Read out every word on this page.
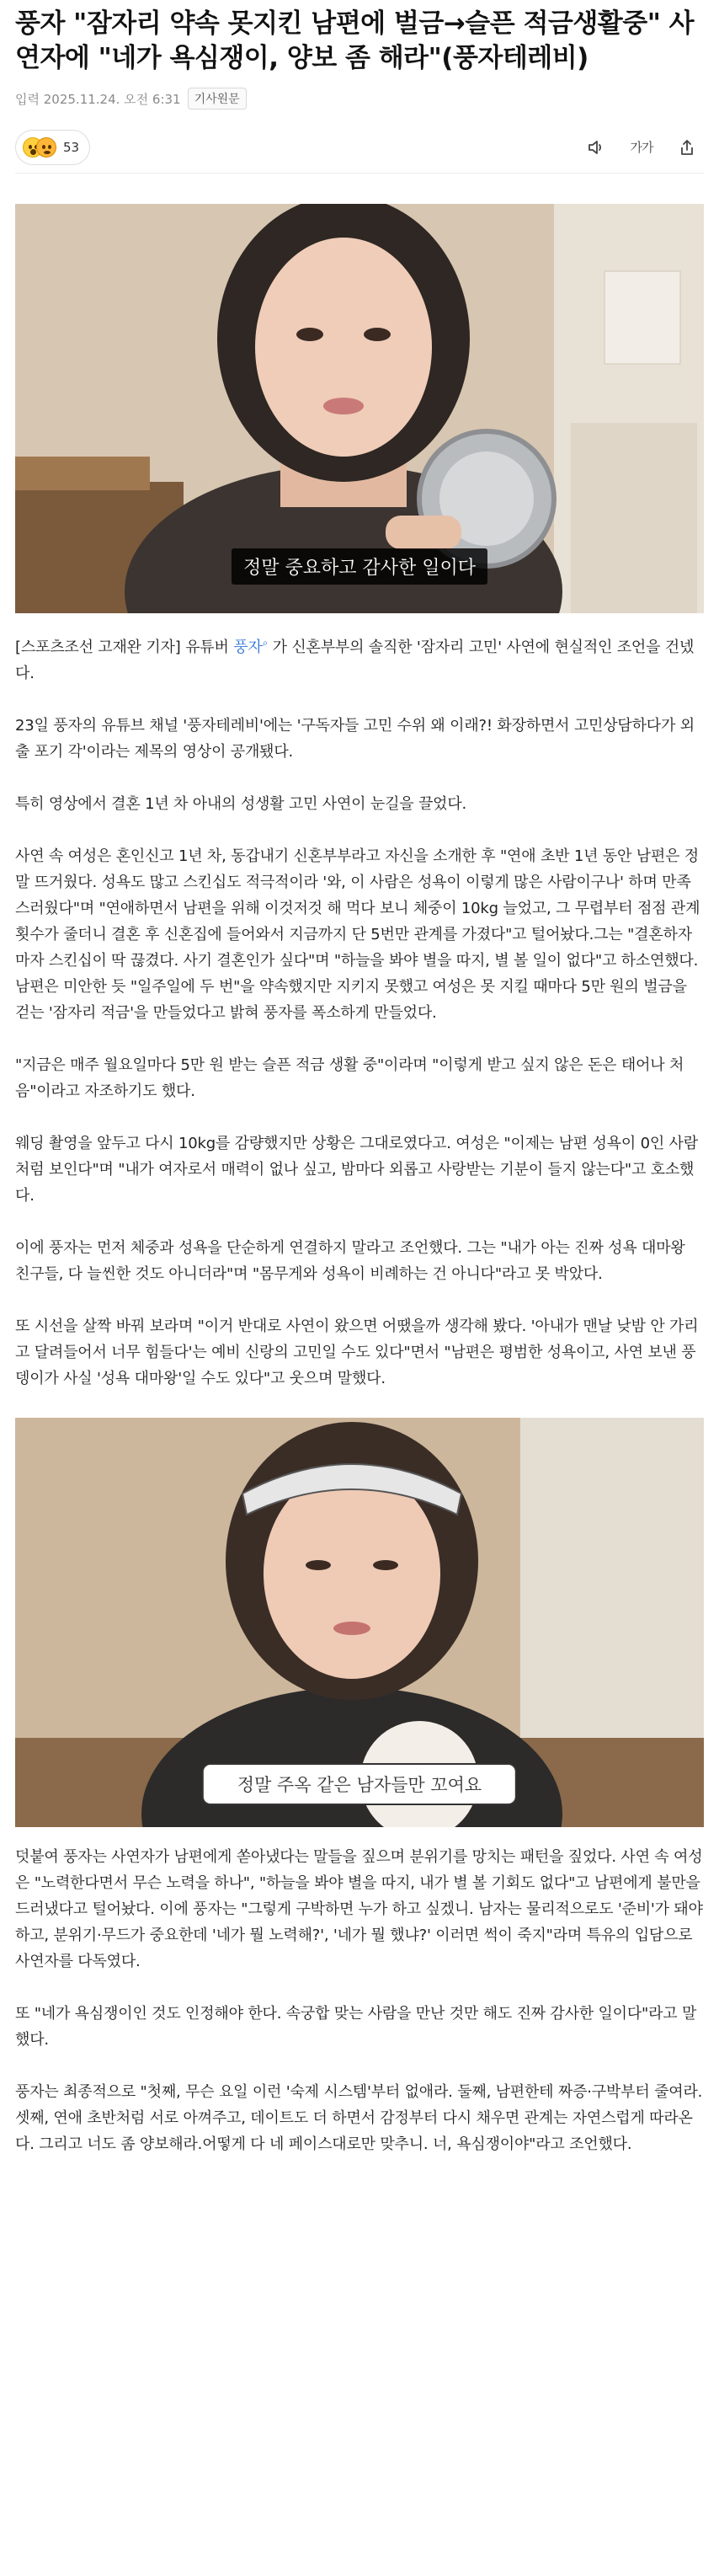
풍자 "잠자리 약속 못지킨 남편에 벌금→슬픈 적금생활중" 사연자에 "네가 욕심쟁이, 양보 좀 해라"(풍자테레비)
입력 2025.11.24. 오전 6:31	기사원문
53	가가
정말 중요하고 감사한 일이다

[스포츠조선 고재완 기자] 유튜버 풍자⌕ 가 신혼부부의 솔직한 '잠자리 고민' 사연에 현실적인 조언을 건넸다.

23일 풍자의 유튜브 채널 '풍자테레비'에는 '구독자들 고민 수위 왜 이래?! 화장하면서 고민상담하다가 외출 포기 각'이라는 제목의 영상이 공개됐다.

특히 영상에서 결혼 1년 차 아내의 성생활 고민 사연이 눈길을 끌었다.

사연 속 여성은 혼인신고 1년 차, 동갑내기 신혼부부라고 자신을 소개한 후 "연애 초반 1년 동안 남편은 정말 뜨거웠다. 성욕도 많고 스킨십도 적극적이라 '와, 이 사람은 성욕이 이렇게 많은 사람이구나' 하며 만족스러웠다"며 "연애하면서 남편을 위해 이것저것 해 먹다 보니 체중이 10kg 늘었고, 그 무렵부터 점점 관계 횟수가 줄더니 결혼 후 신혼집에 들어와서 지금까지 단 5번만 관계를 가졌다"고 털어놨다.그는 "결혼하자마자 스킨십이 딱 끊겼다. 사기 결혼인가 싶다"며 "하늘을 봐야 별을 따지, 별 볼 일이 없다"고 하소연했다.남편은 미안한 듯 "일주일에 두 번"을 약속했지만 지키지 못했고 여성은 못 지킬 때마다 5만 원의 벌금을 걷는 '잠자리 적금'을 만들었다고 밝혀 풍자를 폭소하게 만들었다.

"지금은 매주 월요일마다 5만 원 받는 슬픈 적금 생활 중"이라며 "이렇게 받고 싶지 않은 돈은 태어나 처음"이라고 자조하기도 했다.

웨딩 촬영을 앞두고 다시 10kg를 감량했지만 상황은 그대로였다고. 여성은 "이제는 남편 성욕이 0인 사람처럼 보인다"며 "내가 여자로서 매력이 없나 싶고, 밤마다 외롭고 사랑받는 기분이 들지 않는다"고 호소했다.

이에 풍자는 먼저 체중과 성욕을 단순하게 연결하지 말라고 조언했다. 그는 "내가 아는 진짜 성욕 대마왕 친구들, 다 늘씬한 것도 아니더라"며 "몸무게와 성욕이 비례하는 건 아니다"라고 못 박았다.

또 시선을 살짝 바꿔 보라며 "이거 반대로 사연이 왔으면 어땠을까 생각해 봤다. '아내가 맨날 낮밤 안 가리고 달려들어서 너무 힘들다'는 예비 신랑의 고민일 수도 있다"면서 "남편은 평범한 성욕이고, 사연 보낸 풍뎅이가 사실 '성욕 대마왕'일 수도 있다"고 웃으며 말했다.

정말 주옥 같은 남자들만 꼬여요

덧붙여 풍자는 사연자가 남편에게 쏟아냈다는 말들을 짚으며 분위기를 망치는 패턴을 짚었다. 사연 속 여성은 "노력한다면서 무슨 노력을 하나", "하늘을 봐야 별을 따지, 내가 별 볼 기회도 없다"고 남편에게 불만을 드러냈다고 털어놨다. 이에 풍자는 "그렇게 구박하면 누가 하고 싶겠니. 남자는 물리적으로도 '준비'가 돼야 하고, 분위기·무드가 중요한데 '네가 뭘 노력해?', '네가 뭘 했냐?' 이러면 썩이 죽지"라며 특유의 입담으로 사연자를 다독였다.

또 "네가 욕심쟁이인 것도 인정해야 한다. 속궁합 맞는 사람을 만난 것만 해도 진짜 감사한 일이다"라고 말했다.

풍자는 최종적으로 "첫째, 무슨 요일 이런 '숙제 시스템'부터 없애라. 둘째, 남편한테 짜증·구박부터 줄여라. 셋째, 연애 초반처럼 서로 아껴주고, 데이트도 더 하면서 감정부터 다시 채우면 관계는 자연스럽게 따라온다. 그리고 너도 좀 양보해라.어떻게 다 네 페이스대로만 맞추니. 너, 욕심쟁이야"라고 조언했다.
